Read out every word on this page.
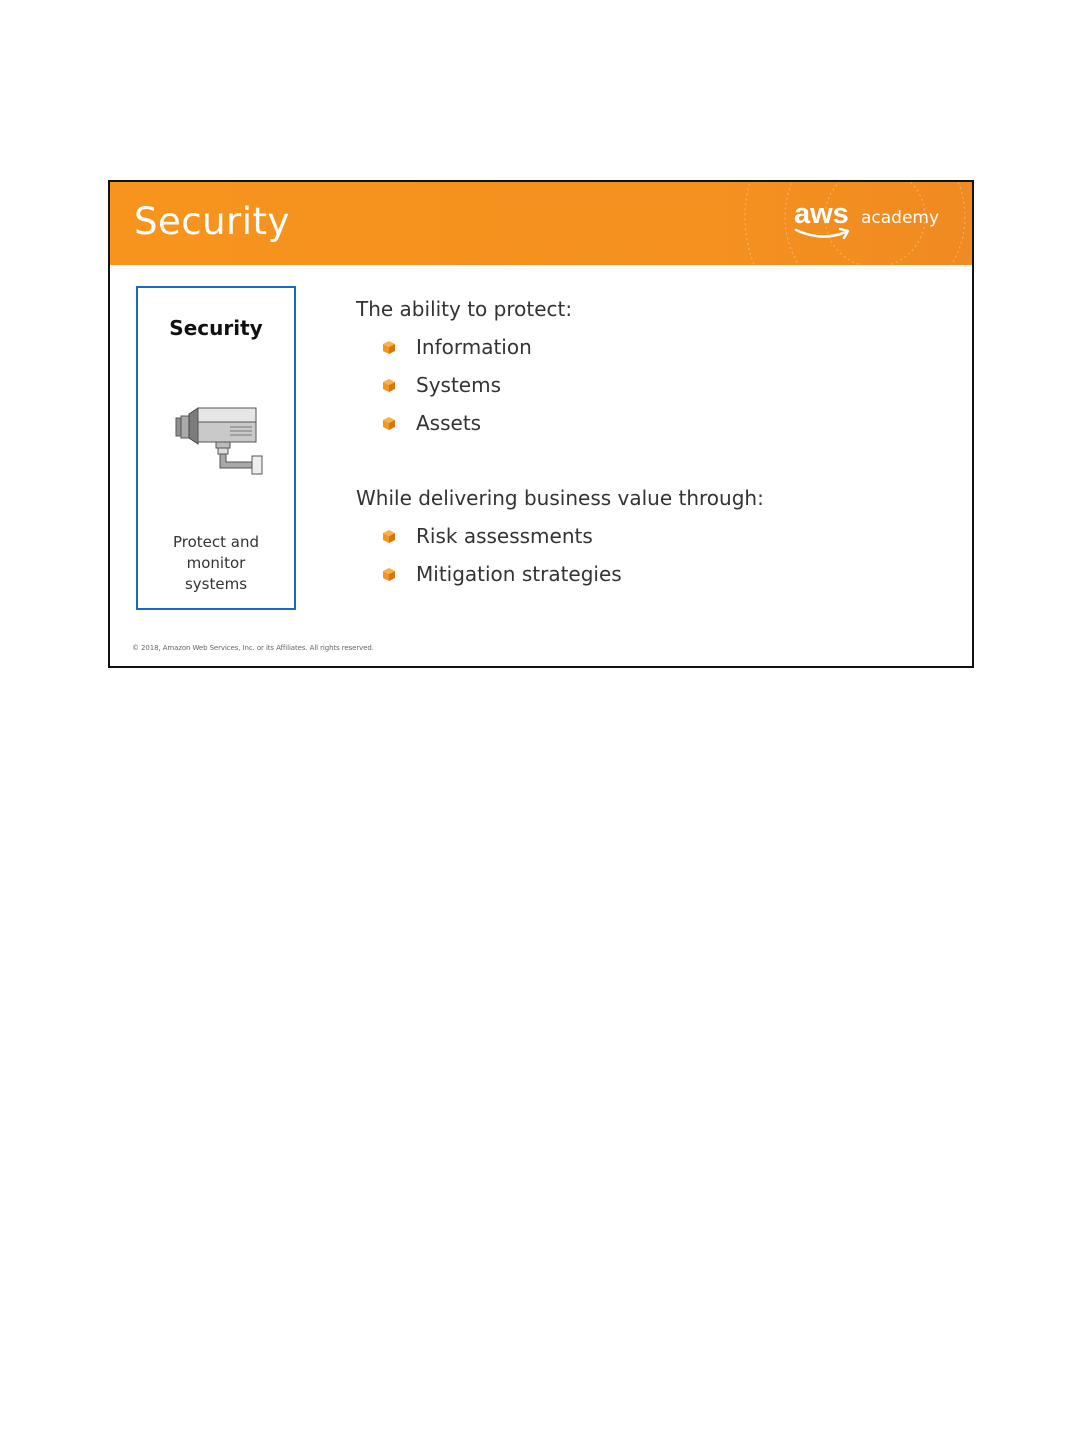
Security	aws academy
Security
Protect and
monitor
systems
The ability to protect:
Information
Systems
Assets
While delivering business value through:
Risk assessments
Mitigation strategies
© 2018, Amazon Web Services, Inc. or its Affiliates. All rights reserved.
